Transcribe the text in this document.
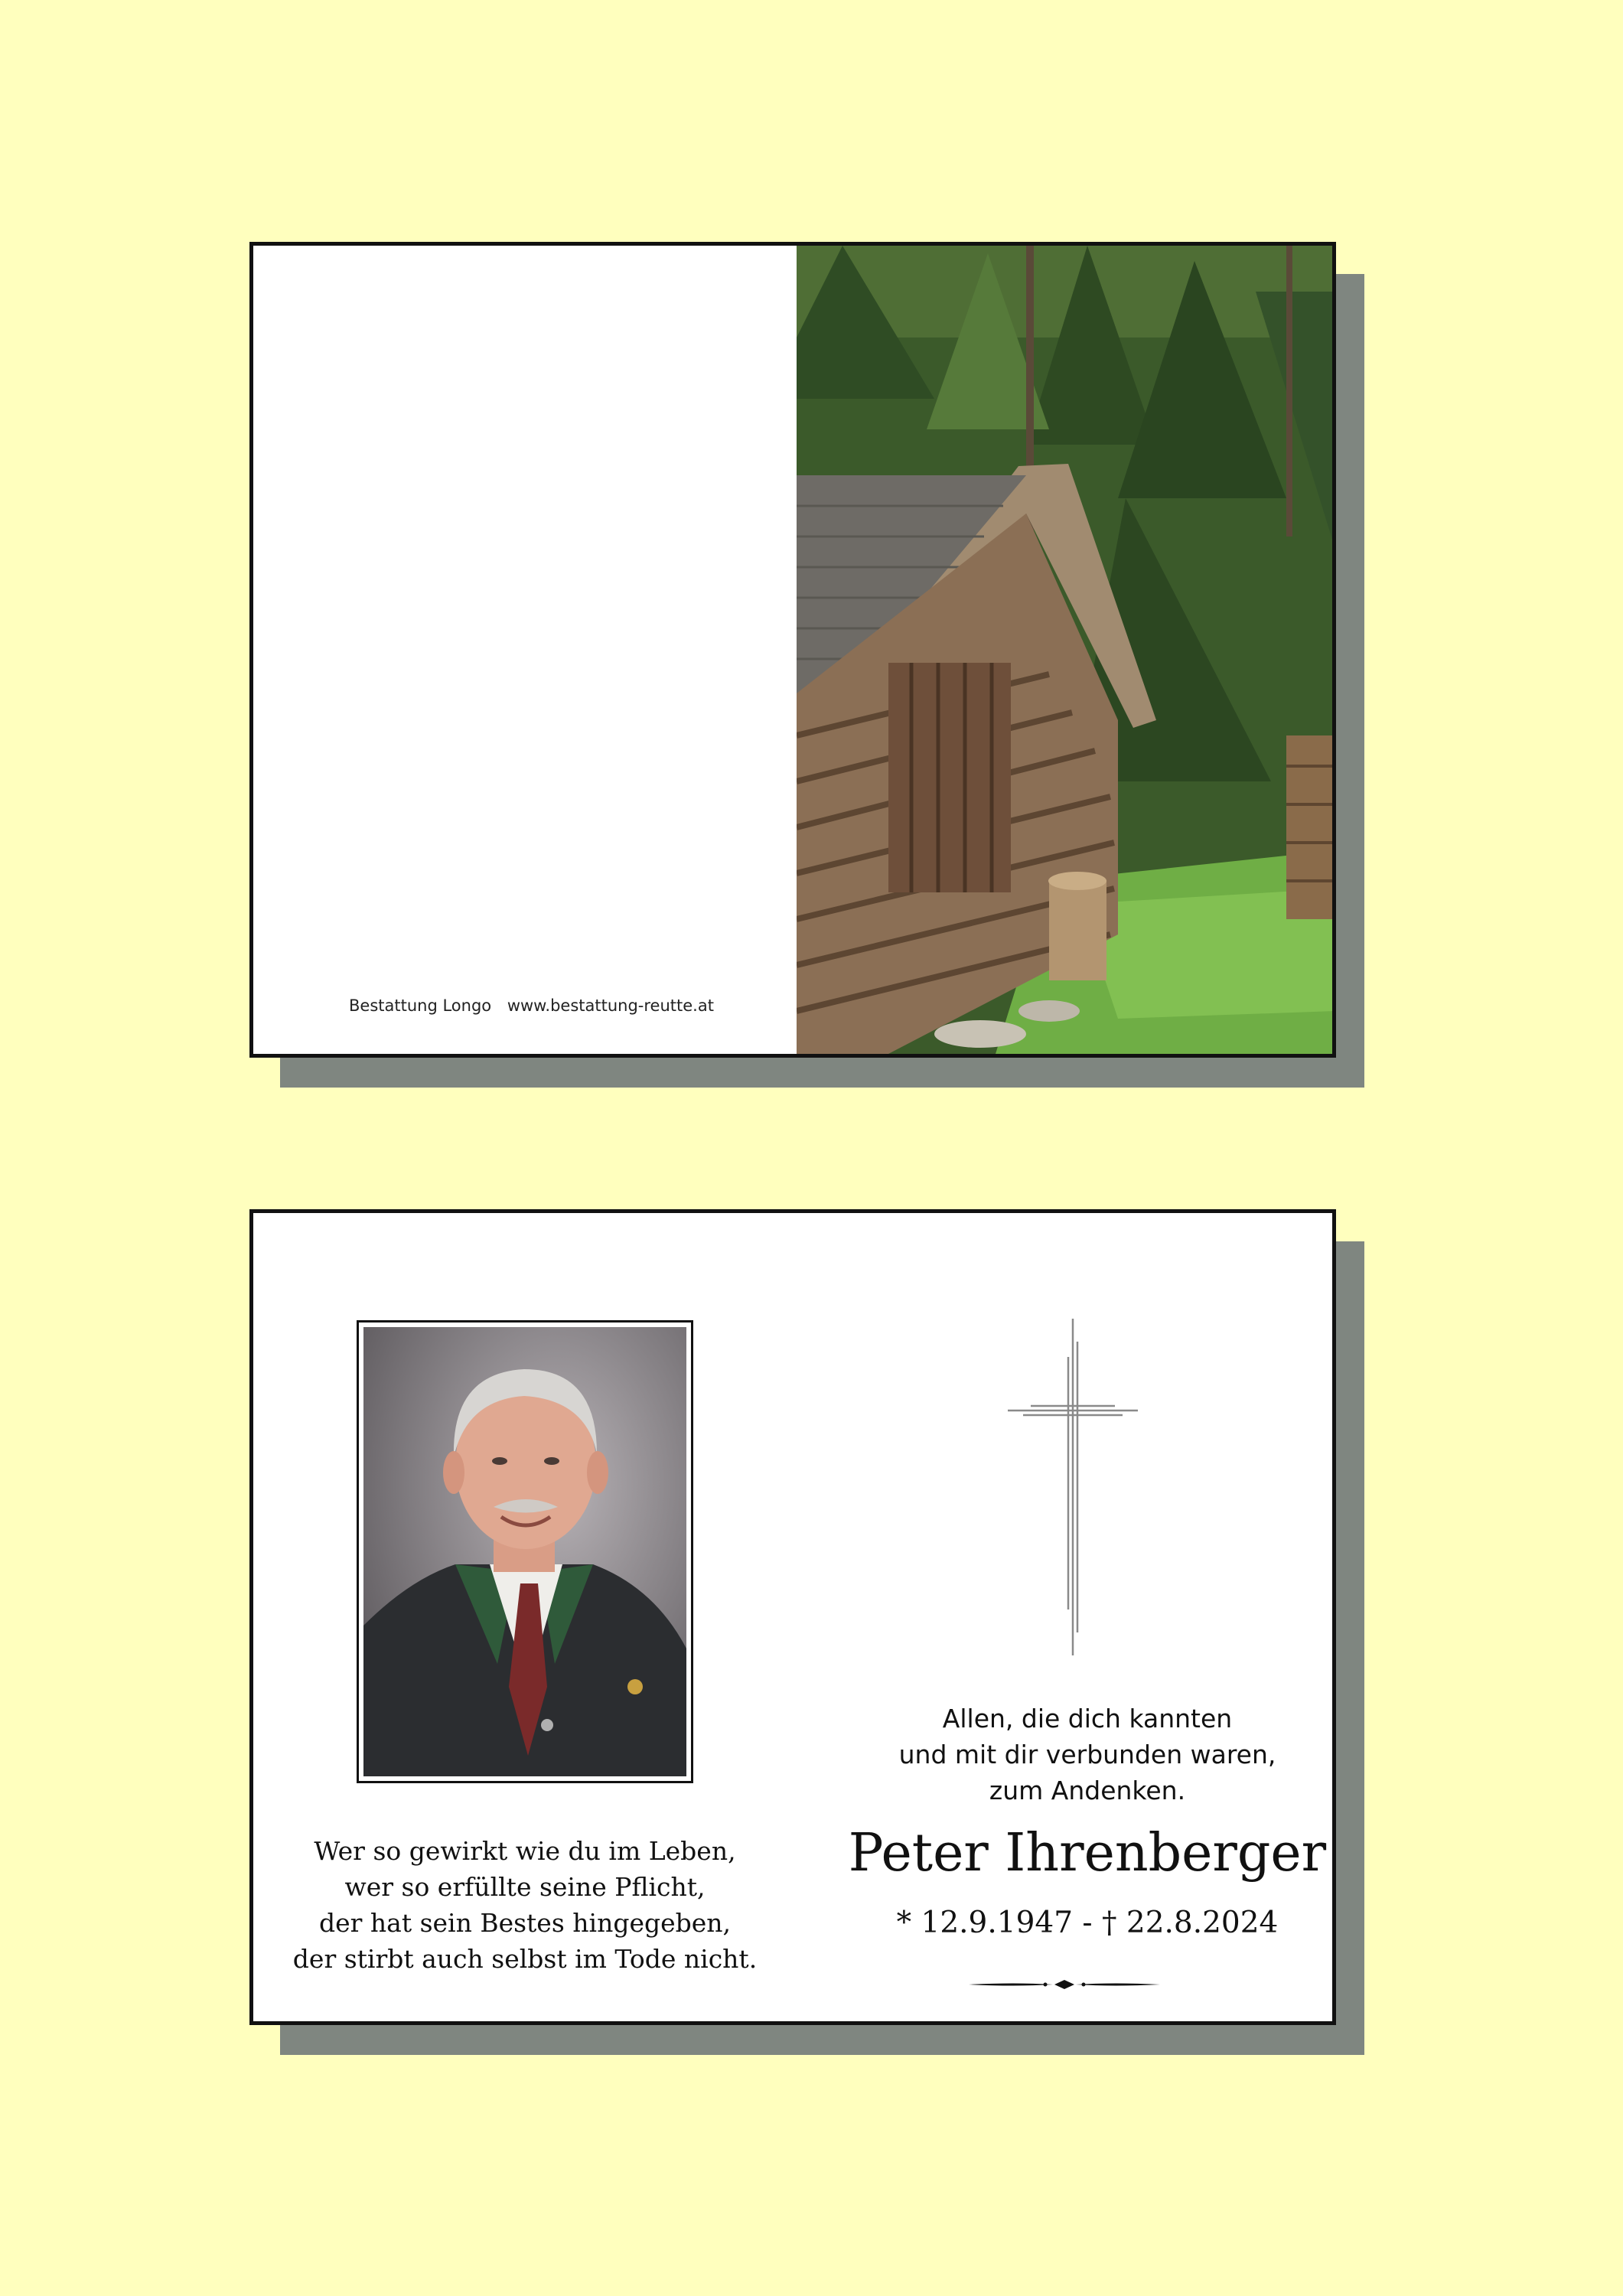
Bestattung Longo www.bestattung-reutte.at
Wer so gewirkt wie du im Leben,
wer so erfüllte seine Pflicht,
der hat sein Bestes hingegeben,
der stirbt auch selbst im Tode nicht.
Allen, die dich kannten
und mit dir verbunden waren,
zum Andenken.
Peter Ihrenberger
* 12.9.1947 - † 22.8.2024
